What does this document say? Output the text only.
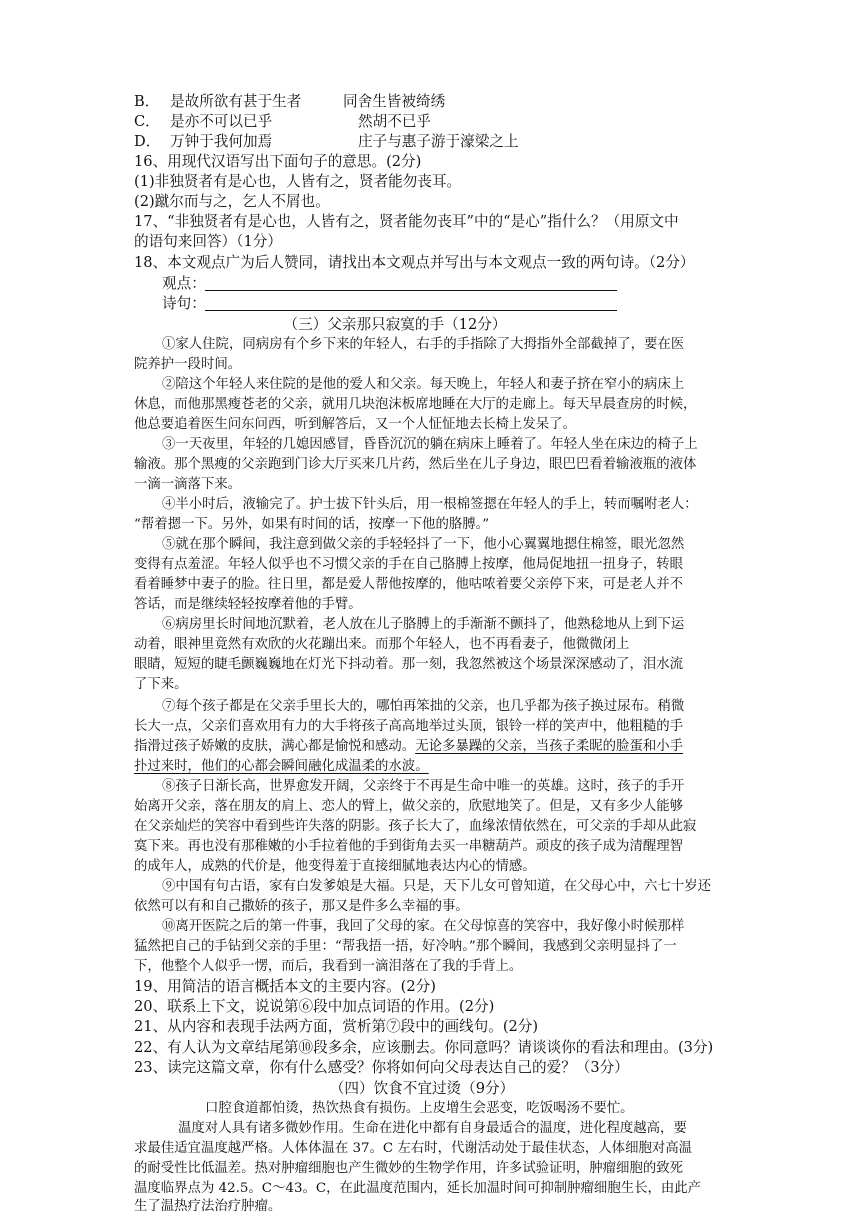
B． 是故所欲有甚于生者	同舍生皆被绮绣
C． 是亦不可以已乎	然胡不已乎
D． 万钟于我何加焉	庄子与惠子游于濠梁之上
16、用现代汉语写出下面句子的意思。(2分)
(1)非独贤者有是心也，人皆有之，贤者能勿丧耳。
(2)蹴尔而与之，乞人不屑也。
17、“非独贤者有是心也，人皆有之，贤者能勿丧耳”中的“是心”指什么？（用原文中
的语句来回答）（1分）
18、本文观点广为后人赞同，请找出本文观点并写出与本文观点一致的两句诗。（2分）
观点：
诗句：
（三）父亲那只寂寞的手（12分）
①家人住院，同病房有个乡下来的年轻人，右手的手指除了大拇指外全部截掉了，要在医
院养护一段时间。
②陪这个年轻人来住院的是他的爱人和父亲。每天晚上，年轻人和妻子挤在窄小的病床上
休息，而他那黑瘦苍老的父亲，就用几块泡沫板席地睡在大厅的走廊上。每天早晨查房的时候，
他总要追着医生问东问西，听到解答后，又一个人怔怔地去长椅上发呆了。
③一天夜里，年轻的几媳因感冒，昏昏沉沉的躺在病床上睡着了。年轻人坐在床边的椅子上
输液。那个黑瘦的父亲跑到门诊大厅买来几片药，然后坐在儿子身边，眼巴巴看着输液瓶的液体
一滴一滴落下来。
④半小时后，液输完了。护士拔下针头后，用一根棉签摁在年轻人的手上，转而嘱咐老人：
“帮着摁一下。另外，如果有时间的话，按摩一下他的胳膊。”
⑤就在那个瞬间，我注意到做父亲的手轻轻抖了一下，他小心翼翼地摁住棉签，眼光忽然
变得有点羞涩。年轻人似乎也不习惯父亲的手在自己胳膊上按摩，他局促地扭一扭身子，转眼
看着睡梦中妻子的脸。往日里，都是爱人帮他按摩的，他咕哝着要父亲停下来，可是老人并不
答话，而是继续轻轻按摩着他的手臂。
⑥病房里长时间地沉默着，老人放在儿子胳膊上的手渐渐不颤抖了，他熟稔地从上到下运
动着，眼神里竟然有欢欣的火花蹦出来。而那个年轻人，也不再看妻子，他微微闭上
眼睛，短短的睫毛颤巍巍地在灯光下抖动着。那一刻，我忽然被这个场景深深感动了，泪水流
了下来。
⑦每个孩子都是在父亲手里长大的，哪怕再笨拙的父亲，也几乎都为孩子换过尿布。稍微
长大一点，父亲们喜欢用有力的大手将孩子高高地举过头顶，银铃一样的笑声中，他粗糙的手
指滑过孩子娇嫩的皮肤，满心都是愉悦和感动。无论多暴躁的父亲，当孩子柔昵的脸蛋和小手
扑过来时，他们的心都会瞬间融化成温柔的水波。
⑧孩子日渐长高，世界愈发开阔，父亲终于不再是生命中唯一的英雄。这时，孩子的手开
始离开父亲，落在朋友的肩上、恋人的臂上，做父亲的，欣慰地笑了。但是，又有多少人能够
在父亲灿烂的笑容中看到些许失落的阴影。孩子长大了，血缘浓情依然在，可父亲的手却从此寂
寞下来。再也没有那稚嫩的小手拉着他的手到街角去买一串糖葫芦。顽皮的孩子成为清醒理智
的成年人，成熟的代价是，他变得羞于直接细腻地表达内心的情感。
⑨中国有句古语，家有白发爹娘是大福。只是，天下儿女可曾知道，在父母心中，六七十岁还
依然可以有和自己撒娇的孩子，那又是件多么幸福的事。
⑩离开医院之后的第一件事，我回了父母的家。在父母惊喜的笑容中，我好像小时候那样
猛然把自己的手钻到父亲的手里：“帮我捂一捂，好冷呐。”那个瞬间，我感到父亲明显抖了一
下，他整个人似乎一愣，而后，我看到一滴泪落在了我的手背上。
19、用简洁的语言概括本文的主要内容。(2分)
20、联系上下文，说说第⑥段中加点词语的作用。(2分)
21、从内容和表现手法两方面，赏析第⑦段中的画线句。(2分)
22、有人认为文章结尾第⑩段多余，应该删去。你同意吗？请谈谈你的看法和理由。(3分)
23、读完这篇文章，你有什么感受？你将如何向父母表达自己的爱？（3分）
（四）饮食不宜过烫（9分）
口腔食道都怕烫，热饮热食有损伤。上皮增生会恶变，吃饭喝汤不要忙。
温度对人具有诸多微妙作用。生命在进化中都有自身最适合的温度，进化程度越高，要
求最佳适宜温度越严格。人体体温在 37。C 左右时，代谢活动处于最佳状态，人体细胞对高温
的耐受性比低温差。热对肿瘤细胞也产生微妙的生物学作用，许多试验证明，肿瘤细胞的致死
温度临界点为 42.5。C～43。C，在此温度范围内，延长加温时间可抑制肿瘤细胞生长，由此产
生了温热疗法治疗肿瘤。
